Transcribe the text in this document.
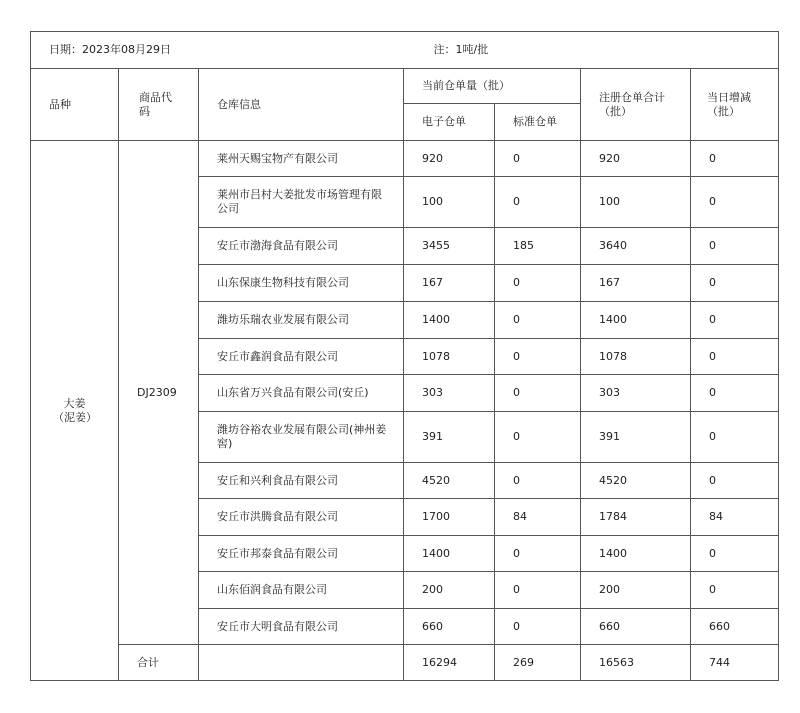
日期：2023年08月29日			注：1吨/批			
品种	商品代码	仓库信息	当前仓单量（批）		注册仓单合计（批）	当日增减（批）
			电子仓单	标准仓单		
大姜（泥姜）	DJ2309	莱州天赐宝物产有限公司	920	0	920	0
		莱州市吕村大姜批发市场管理有限公司	100	0	100	0
		安丘市渤海食品有限公司	3455	185	3640	0
		山东保康生物科技有限公司	167	0	167	0
		潍坊乐瑞农业发展有限公司	1400	0	1400	0
		安丘市鑫润食品有限公司	1078	0	1078	0
		山东省万兴食品有限公司(安丘)	303	0	303	0
		潍坊谷裕农业发展有限公司(神州姜窖)	391	0	391	0
		安丘和兴利食品有限公司	4520	0	4520	0
		安丘市洪腾食品有限公司	1700	84	1784	84
		安丘市邦泰食品有限公司	1400	0	1400	0
		山东佰润食品有限公司	200	0	200	0
		安丘市大明食品有限公司	660	0	660	660
	合计		16294	269	16563	744
